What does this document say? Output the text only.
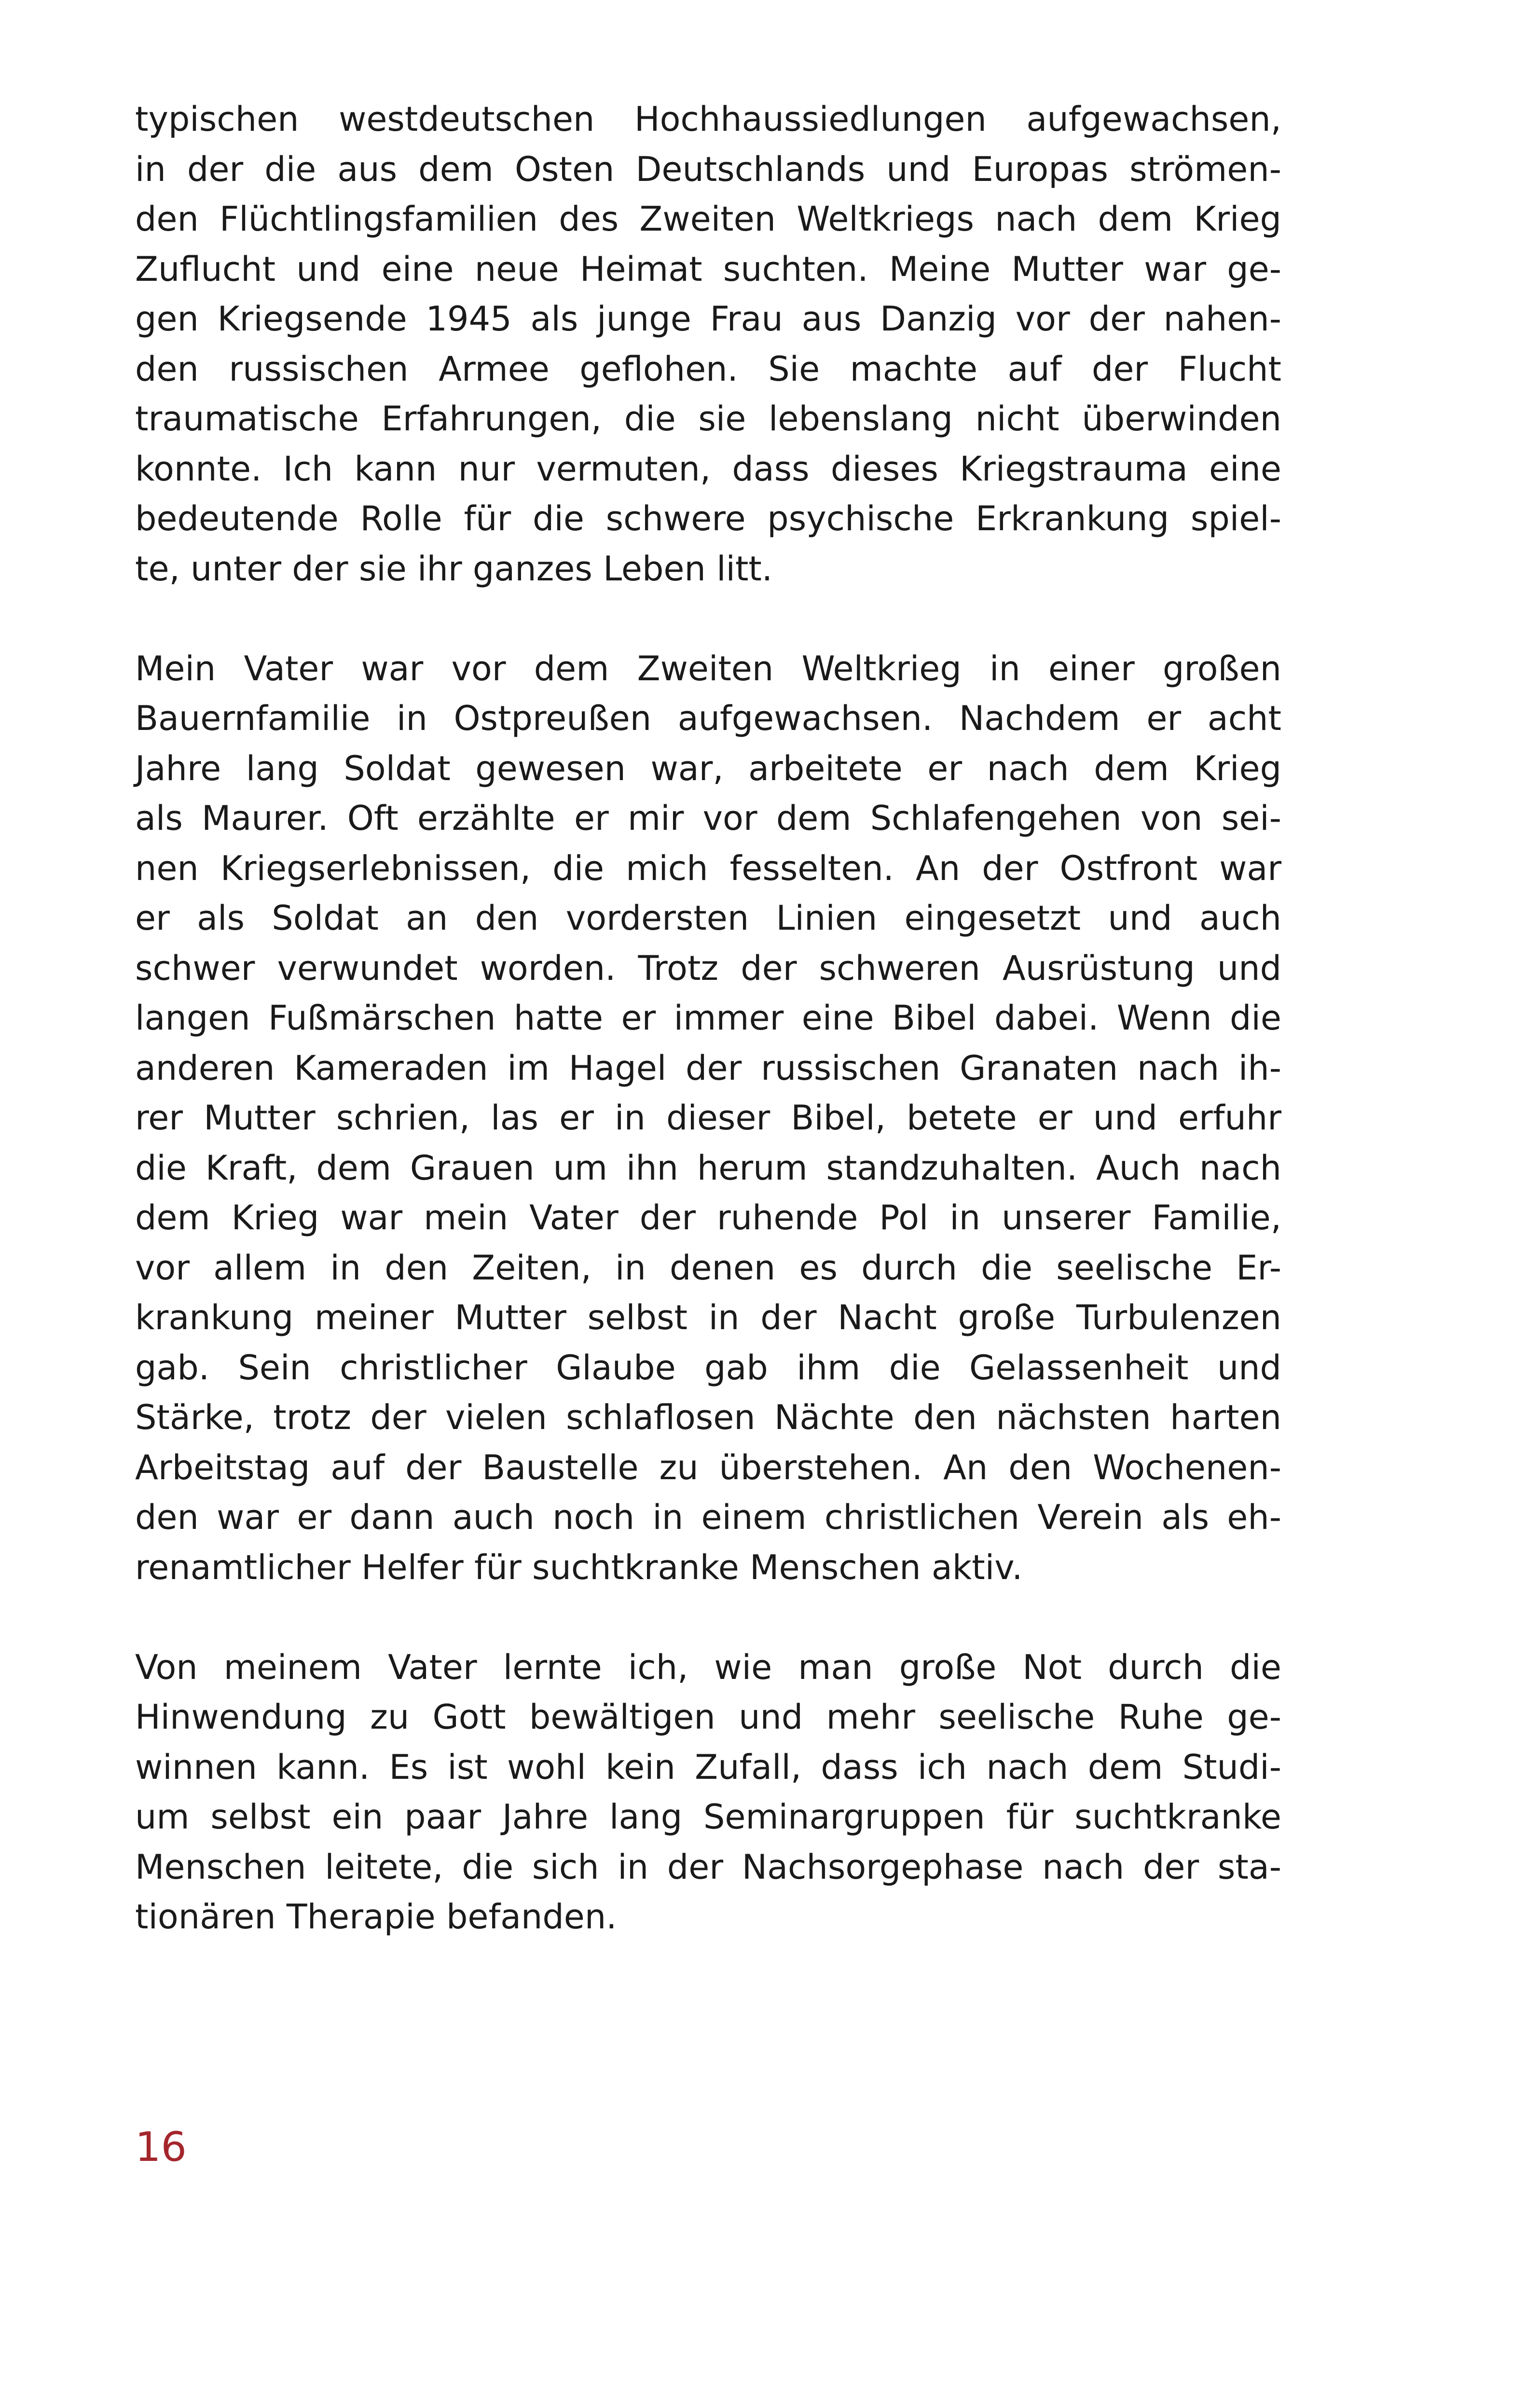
typischen westdeutschen Hochhaussiedlungen aufgewachsen,
in der die aus dem Osten Deutschlands und Europas strömen-
den Flüchtlingsfamilien des Zweiten Weltkriegs nach dem Krieg
Zuflucht und eine neue Heimat suchten. Meine Mutter war ge-
gen Kriegsende 1945 als junge Frau aus Danzig vor der nahen-
den russischen Armee geflohen. Sie machte auf der Flucht
traumatische Erfahrungen, die sie lebenslang nicht überwinden
konnte. Ich kann nur vermuten, dass dieses Kriegstrauma eine
bedeutende Rolle für die schwere psychische Erkrankung spiel-
te, unter der sie ihr ganzes Leben litt.
Mein Vater war vor dem Zweiten Weltkrieg in einer großen
Bauernfamilie in Ostpreußen aufgewachsen. Nachdem er acht
Jahre lang Soldat gewesen war, arbeitete er nach dem Krieg
als Maurer. Oft erzählte er mir vor dem Schlafengehen von sei-
nen Kriegserlebnissen, die mich fesselten. An der Ostfront war
er als Soldat an den vordersten Linien eingesetzt und auch
schwer verwundet worden. Trotz der schweren Ausrüstung und
langen Fußmärschen hatte er immer eine Bibel dabei. Wenn die
anderen Kameraden im Hagel der russischen Granaten nach ih-
rer Mutter schrien, las er in dieser Bibel, betete er und erfuhr
die Kraft, dem Grauen um ihn herum standzuhalten. Auch nach
dem Krieg war mein Vater der ruhende Pol in unserer Familie,
vor allem in den Zeiten, in denen es durch die seelische Er-
krankung meiner Mutter selbst in der Nacht große Turbulenzen
gab. Sein christlicher Glaube gab ihm die Gelassenheit und
Stärke, trotz der vielen schlaflosen Nächte den nächsten harten
Arbeitstag auf der Baustelle zu überstehen. An den Wochenen-
den war er dann auch noch in einem christlichen Verein als eh-
renamtlicher Helfer für suchtkranke Menschen aktiv.
Von meinem Vater lernte ich, wie man große Not durch die
Hinwendung zu Gott bewältigen und mehr seelische Ruhe ge-
winnen kann. Es ist wohl kein Zufall, dass ich nach dem Studi-
um selbst ein paar Jahre lang Seminargruppen für suchtkranke
Menschen leitete, die sich in der Nachsorgephase nach der sta-
tionären Therapie befanden.
16
